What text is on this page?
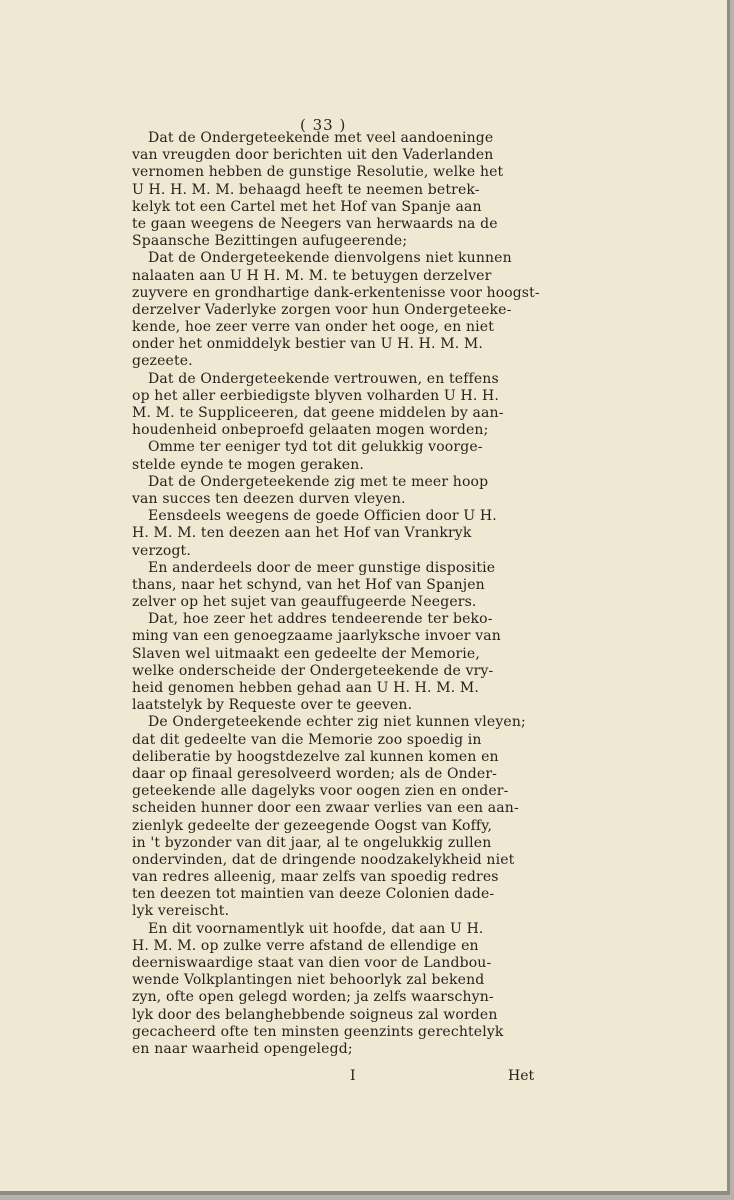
( 33 )
Dat de Ondergeteekende met veel aandoeninge
van vreugden door berichten uit den Vaderlanden
vernomen hebben de gunstige Resolutie, welke het
U H. H. M. M. behaagd heeft te neemen betrek-
kelyk tot een Cartel met het Hof van Spanje aan
te gaan weegens de Neegers van herwaards na de
Spaansche Bezittingen aufugeerende;
Dat de Ondergeteekende dienvolgens niet kunnen
nalaaten aan U H H. M. M. te betuygen derzelver
zuyvere en grondhartige dank-erkentenisse voor hoogst-
derzelver Vaderlyke zorgen voor hun Ondergeteeke-
kende, hoe zeer verre van onder het ooge, en niet
onder het onmiddelyk bestier van U H. H. M. M.
gezeete.
Dat de Ondergeteekende vertrouwen, en teffens
op het aller eerbiedigste blyven volharden U H. H.
M. M. te Suppliceeren, dat geene middelen by aan-
houdenheid onbeproefd gelaaten mogen worden;
Omme ter eeniger tyd tot dit gelukkig voorge-
stelde eynde te mogen geraken.
Dat de Ondergeteekende zig met te meer hoop
van succes ten deezen durven vleyen.
Eensdeels weegens de goede Officien door U H.
H. M. M. ten deezen aan het Hof van Vrankryk
verzogt.
En anderdeels door de meer gunstige dispositie
thans, naar het schynd, van het Hof van Spanjen
zelver op het sujet van geauffugeerde Neegers.
Dat, hoe zeer het addres tendeerende ter beko-
ming van een genoegzaame jaarlyksche invoer van
Slaven wel uitmaakt een gedeelte der Memorie,
welke onderscheide der Ondergeteekende de vry-
heid genomen hebben gehad aan U H. H. M. M.
laatstelyk by Requeste over te geeven.
De Ondergeteekende echter zig niet kunnen vleyen;
dat dit gedeelte van die Memorie zoo spoedig in
deliberatie by hoogstdezelve zal kunnen komen en
daar op finaal geresolveerd worden; als de Onder-
geteekende alle dagelyks voor oogen zien en onder-
scheiden hunner door een zwaar verlies van een aan-
zienlyk gedeelte der gezeegende Oogst van Koffy,
in 't byzonder van dit jaar, al te ongelukkig zullen
ondervinden, dat de dringende noodzakelykheid niet
van redres alleenig, maar zelfs van spoedig redres
ten deezen tot maintien van deeze Colonien dade-
lyk vereischt.
En dit voornamentlyk uit hoofde, dat aan U H.
H. M. M. op zulke verre afstand de ellendige en
deerniswaardige staat van dien voor de Landbou-
wende Volkplantingen niet behoorlyk zal bekend
zyn, ofte open gelegd worden; ja zelfs waarschyn-
lyk door des belanghebbende soigneus zal worden
gecacheerd ofte ten minsten geenzints gerechtelyk
en naar waarheid opengelegd;
I	Het
